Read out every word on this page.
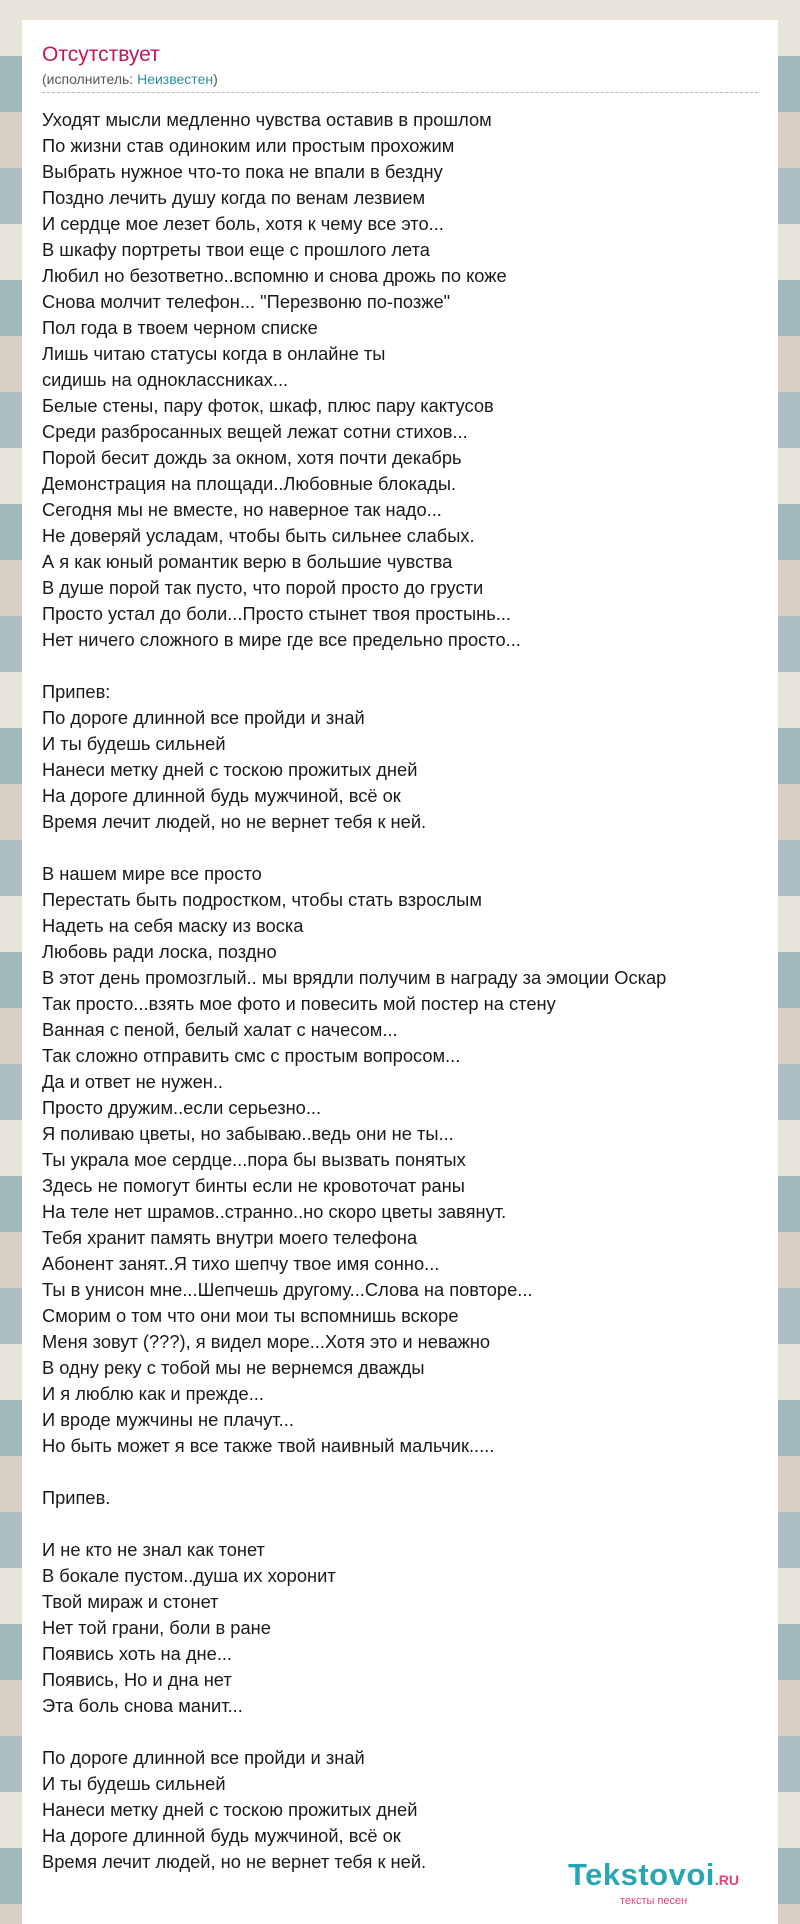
Отсутствует
(исполнитель: Неизвестен)
Уходят мысли медленно чувства оставив в прошлом
По жизни став одиноким или простым прохожим
Выбрать нужное что-то пока не впали в бездну
Поздно лечить душу когда по венам лезвием
И сердце мое лезет боль, хотя к чему все это...
В шкафу портреты твои еще с прошлого лета
Любил но безответно..вспомню и снова дрожь по коже
Снова молчит телефон... "Перезвоню по-позже"
Пол года в твоем черном списке
Лишь читаю статусы когда в онлайне ты
сидишь на одноклассниках...
Белые стены, пару фоток, шкаф, плюс пару кактусов
Среди разбросанных вещей лежат сотни стихов...
Порой бесит дождь за окном, хотя почти декабрь
Демонстрация на площади..Любовные блокады.
Сегодня мы не вместе, но наверное так надо...
Не доверяй усладам, чтобы быть сильнее слабых.
А я как юный романтик верю в большие чувства
В душе порой так пусто, что порой просто до грусти
Просто устал до боли...Просто стынет твоя простынь...
Нет ничего сложного в мире где все предельно просто...
Припев:
По дороге длинной все пройди и знай
И ты будешь сильней
Нанеси метку дней с тоскою прожитых дней
На дороге длинной будь мужчиной, всё ок
Время лечит людей, но не вернет тебя к ней.
В нашем мире все просто
Перестать быть подростком, чтобы стать взрослым
Надеть на себя маску из воска
Любовь ради лоска, поздно
В этот день промозглый.. мы врядли получим в награду за эмоции Оскар
Так просто...взять мое фото и повесить мой постер на стену
Ванная с пеной, белый халат с начесом...
Так сложно отправить смс с простым вопросом...
Да и ответ не нужен..
Просто дружим..если серьезно...
Я поливаю цветы, но забываю..ведь они не ты...
Ты украла мое сердце...пора бы вызвать понятых
Здесь не помогут бинты если не кровоточат раны
На теле нет шрамов..странно..но скоро цветы завянут.
Тебя хранит память внутри моего телефона
Абонент занят..Я тихо шепчу твое имя сонно...
Ты в унисон мне...Шепчешь другому...Слова на повторе...
Сморим о том что они мои ты вспомнишь вскоре
Меня зовут (???), я видел море...Хотя это и неважно
В одну реку с тобой мы не вернемся дважды
И я люблю как и прежде...
И вроде мужчины не плачут...
Но быть может я все также твой наивный мальчик.....
Припев.
И не кто не знал как тонет
В бокале пустом..душа их хоронит
Твой мираж и стонет
Нет той грани, боли в ране
Появись хоть на дне...
Появись, Но и дна нет
Эта боль снова манит...
По дороге длинной все пройди и знай
И ты будешь сильней
Нанеси метку дней с тоскою прожитых дней
На дороге длинной будь мужчиной, всё ок
Время лечит людей, но не вернет тебя к ней.	Tekstovoi.RU
тексты песен
